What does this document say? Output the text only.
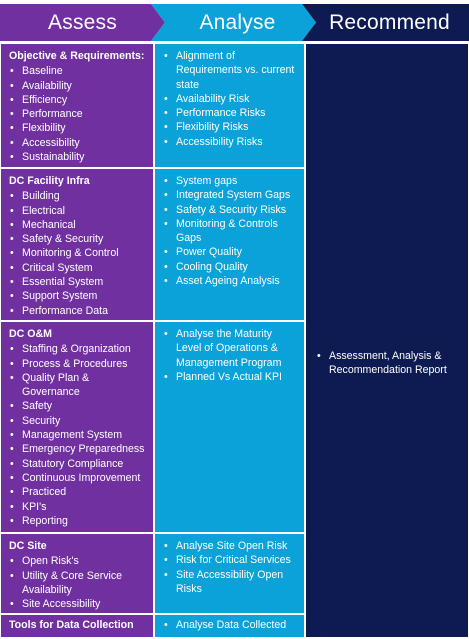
Assess	Analyse	Recommend
Objective & Requirements:
• Baseline
• Availability
• Efficiency
• Performance
• Flexibility
• Accessibility
• Sustainability
• Alignment of Requirements vs. current state
• Availability Risk
• Performance Risks
• Flexibility Risks
• Accessibility Risks
DC Facility Infra
• Building
• Electrical
• Mechanical
• Safety & Security
• Monitoring & Control
• Critical System
• Essential System
• Support System
• Performance Data
• System gaps
• Integrated System Gaps
• Safety & Security Risks
• Monitoring & Controls Gaps
• Power Quality
• Cooling Quality
• Asset Ageing Analysis
DC O&M
• Staffing & Organization
• Process & Procedures
• Quality Plan & Governance
• Safety
• Security
• Management System
• Emergency Preparedness
• Statutory Compliance
• Continuous Improvement
• Practiced
• KPI's
• Reporting
• Analyse the Maturity Level of Operations & Management Program
• Planned Vs Actual KPI
DC Site
• Open Risk's
• Utility & Core Service Availability
• Site Accessibility
• Analyse Site Open Risk
• Risk for Critical Services
• Site Accessibility Open Risks
Tools for Data Collection
•	Analyse Data Collected
• Assessment, Analysis & Recommendation Report
